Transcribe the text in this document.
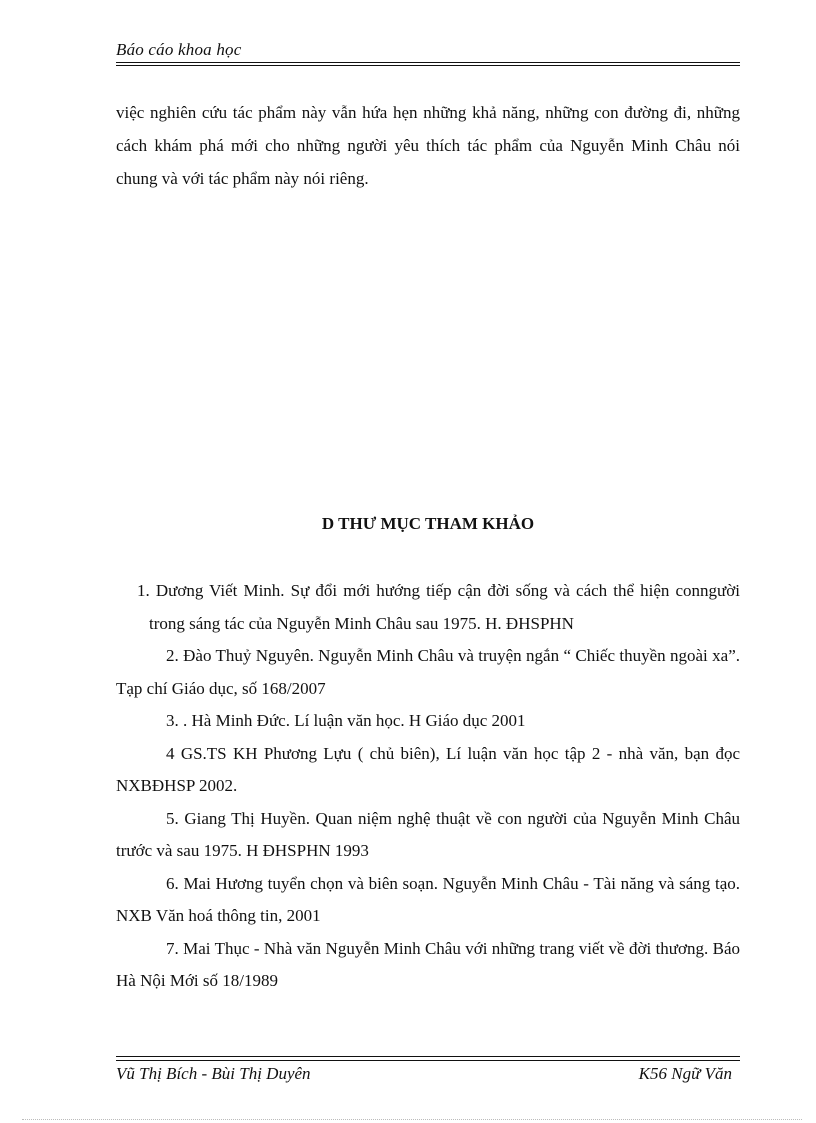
Báo cáo khoa học

việc nghiên cứu tác phẩm này vẫn hứa hẹn những khả năng, những con đường đi, những cách khám phá mới cho những người yêu thích tác phẩm của Nguyễn Minh Châu nói chung và với tác phẩm này nói riêng.

D THƯ MỤC THAM KHẢO

1. Dương Viết Minh. Sự đổi mới hướng tiếp cận đời sống và cách thể hiện conngười trong sáng tác của Nguyễn Minh Châu sau 1975. H. ĐHSPHN

2. Đào Thuỷ Nguyên. Nguyễn Minh Châu và truyện ngắn “ Chiếc thuyền ngoài xa”. Tạp chí Giáo dục, số 168/2007

3. . Hà Minh Đức. Lí luận văn học. H Giáo dục 2001

4 GS.TS KH Phương Lựu ( chủ biên), Lí luận văn học tập 2 - nhà văn, bạn đọc NXBĐHSP 2002.

5. Giang Thị Huyền. Quan niệm nghệ thuật về con người của Nguyễn Minh Châu trước và sau 1975. H ĐHSPHN 1993

6. Mai Hương tuyển chọn và biên soạn. Nguyễn Minh Châu - Tài năng và sáng tạo. NXB Văn hoá thông tin, 2001

7. Mai Thục - Nhà văn Nguyễn Minh Châu với những trang viết về đời thương. Báo Hà Nội Mới số 18/1989

Vũ Thị Bích - Bùi Thị Duyên	K56 Ngữ Văn
